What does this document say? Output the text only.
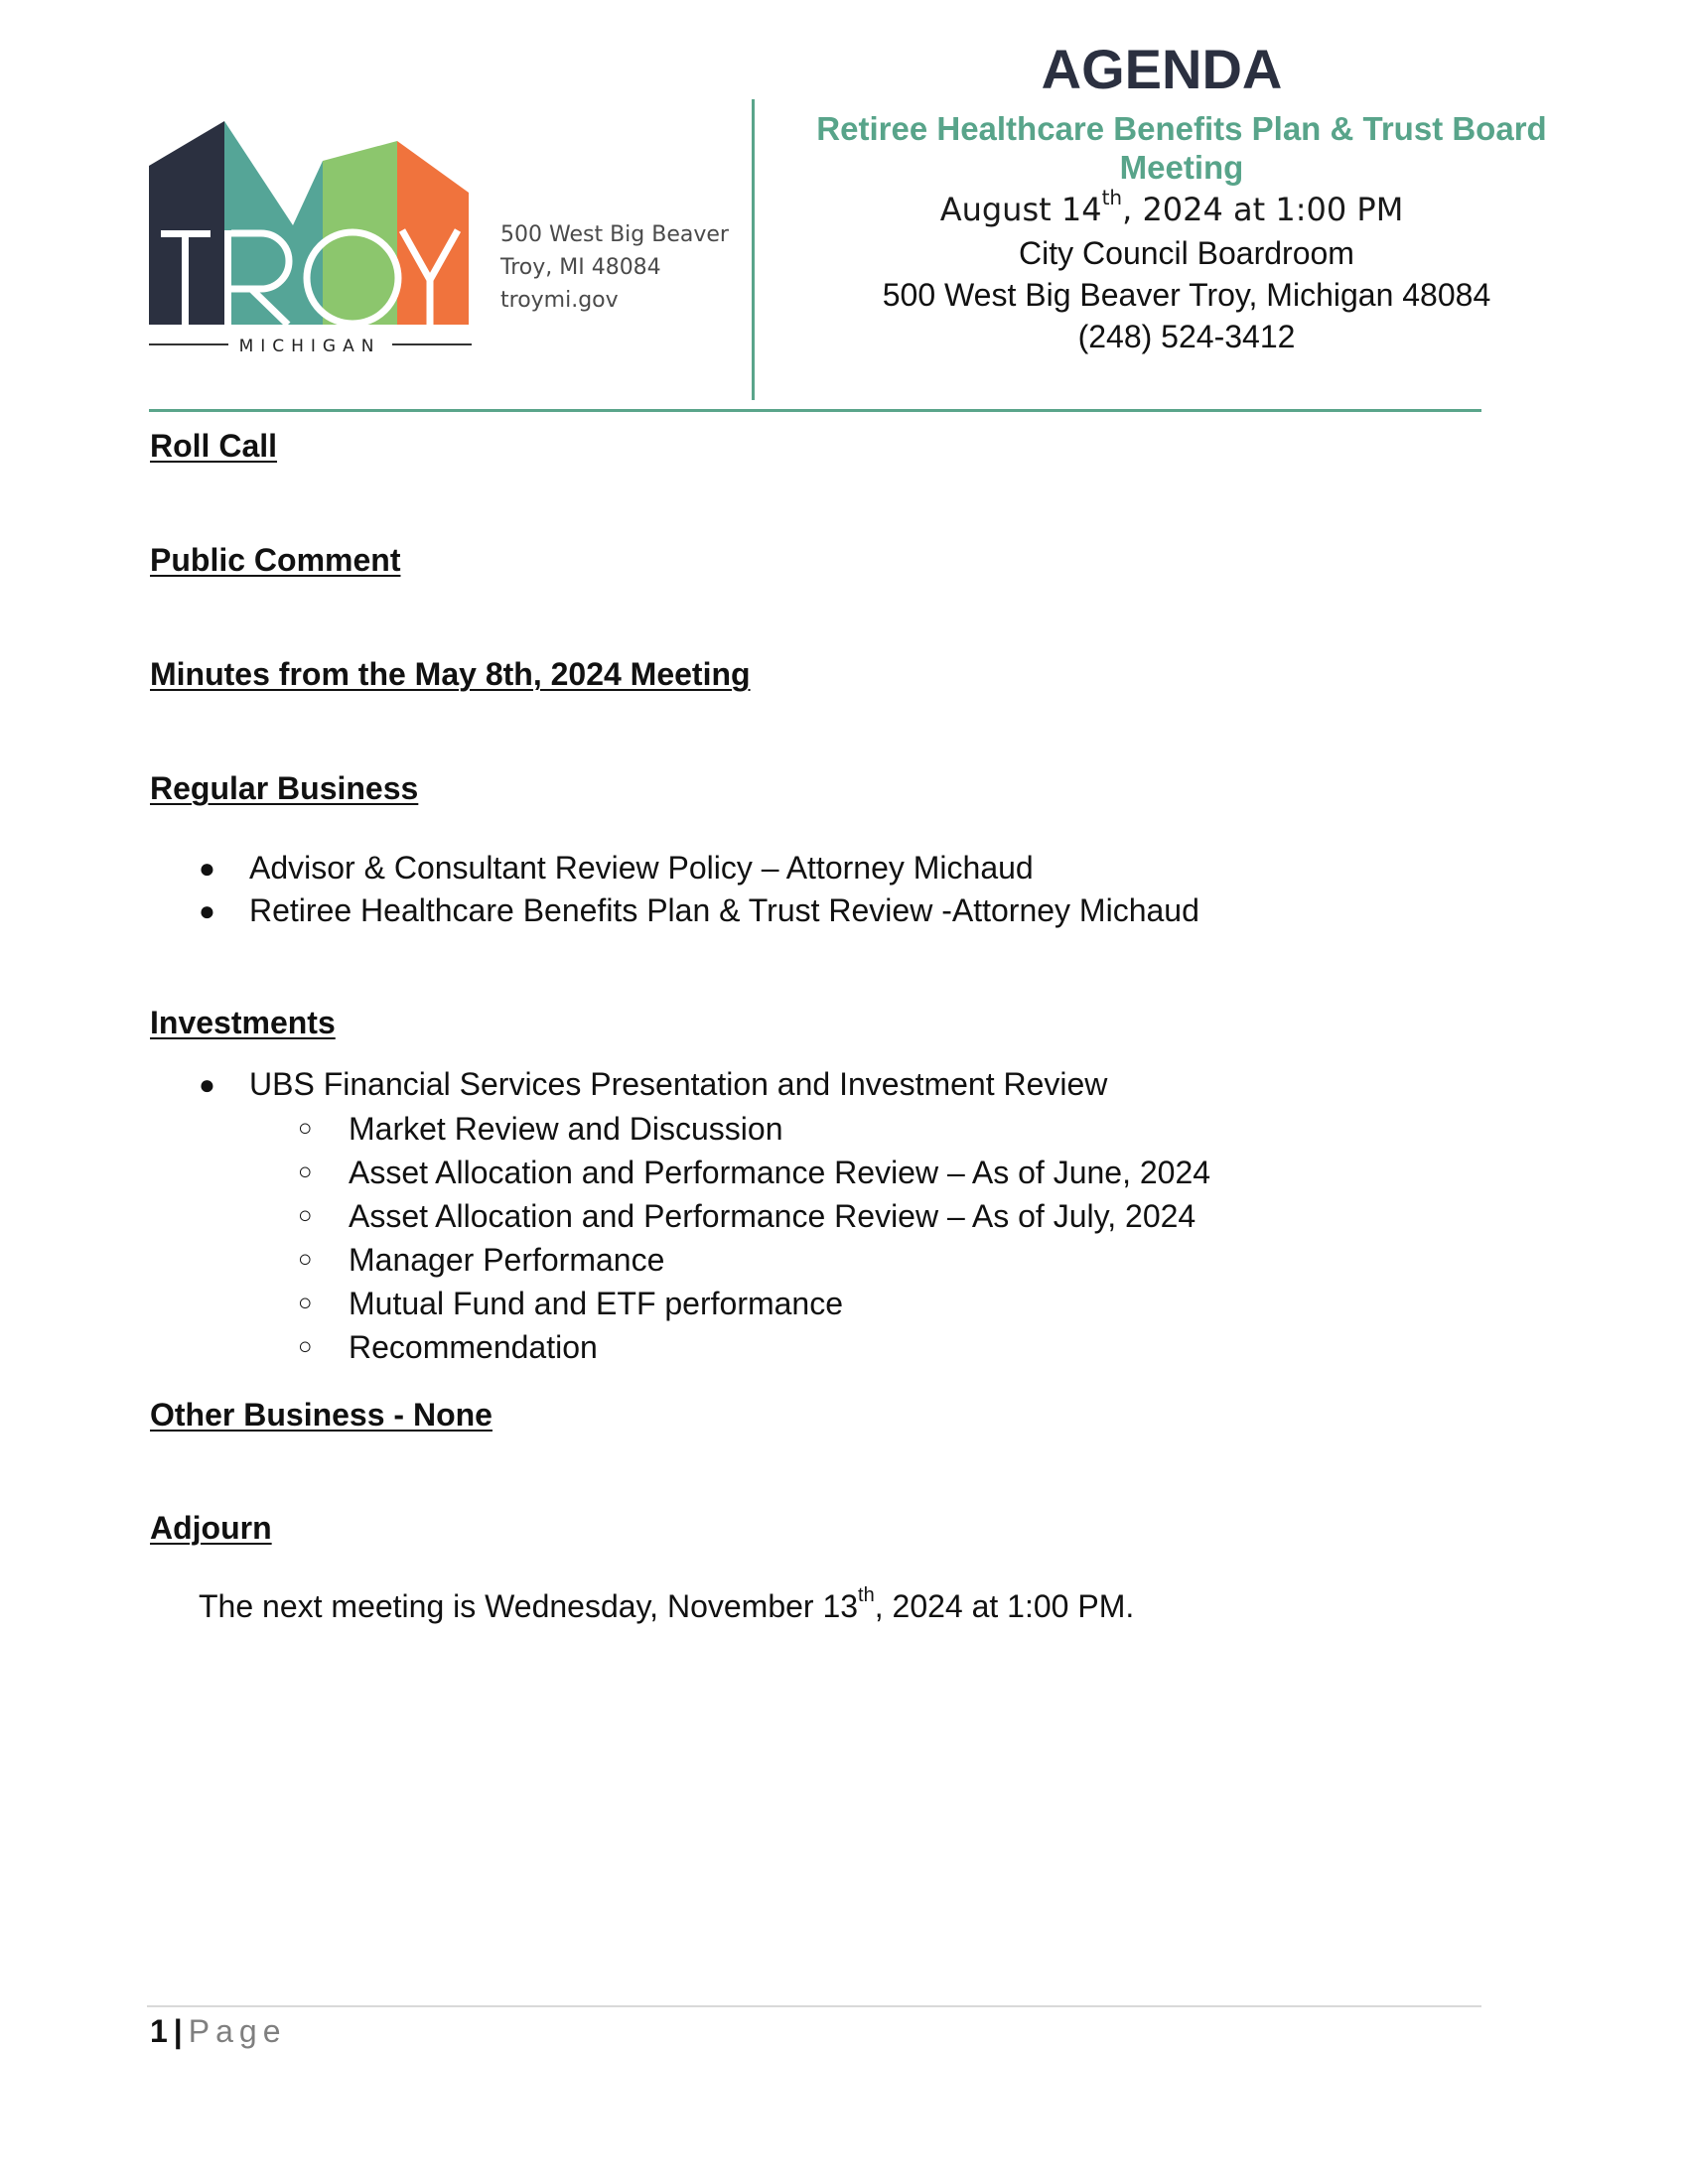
MICHIGAN
500 West Big Beaver
Troy, MI 48084
troymi.gov
AGENDA
Retiree Healthcare Benefits Plan & Trust Board Meeting
August 14th, 2024 at 1:00 PM
City Council Boardroom
500 West Big Beaver Troy, Michigan 48084
(248) 524-3412
Roll Call
Public Comment
Minutes from the May 8th, 2024 Meeting
Regular Business
● Advisor & Consultant Review Policy – Attorney Michaud
● Retiree Healthcare Benefits Plan & Trust Review -Attorney Michaud
Investments
● UBS Financial Services Presentation and Investment Review
○ Market Review and Discussion
○ Asset Allocation and Performance Review – As of June, 2024
○ Asset Allocation and Performance Review – As of July, 2024
○ Manager Performance
○ Mutual Fund and ETF performance
○ Recommendation
Other Business - None
Adjourn
The next meeting is Wednesday, November 13th, 2024 at 1:00 PM.
1 | Page
